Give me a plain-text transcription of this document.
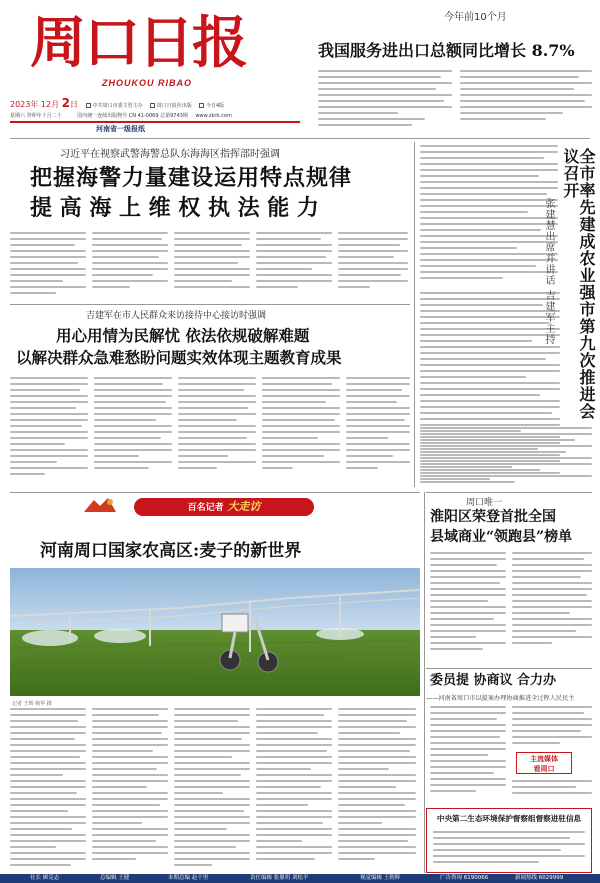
周口日报
ZHOUKOU RIBAO
2023年 12月 2日	中共周口市委主管主办	周口日报社出版	今日4版
星期六 癸卯年十月二十	国内统一连续出版物号 CN 41-0069 总第9743期 www.zkrb.com
河南省一级报纸
今年前10个月
我国服务进出口总额同比增长 8.7%
习近平在视察武警海警总队东海海区指挥部时强调
把握海警力量建设运用特点规律
提 高 海 上 维 权 执 法 能 力
吉建军在市人民群众来访接待中心接访时强调
用心用情为民解忧 依法依规破解难题
以解决群众急难愁盼问题实效体现主题教育成果	全市率先建成农业强市第九次推进会议召开
张建慧出席并讲话 吉建军主持
百名记者 大走访
河南周口国家农高区:麦子的新世界
记者 王辉 杨华 摄
周口唯一
淮阳区荣登首批全国
县域商业“领跑县”榜单
委员提 协商议 合力办
——河南省周口市以提案办理协商推进全过程人民民主
主流媒体
看周口
中央第二生态环境保护督察组督察进驻信息
社长 顾克志	总编辑 王健	本期总编 赵千里	责任编辑 张鼎玥 刘松平	视觉编辑 王朝辉	广告咨询 6190066	新闻热线 6029999
